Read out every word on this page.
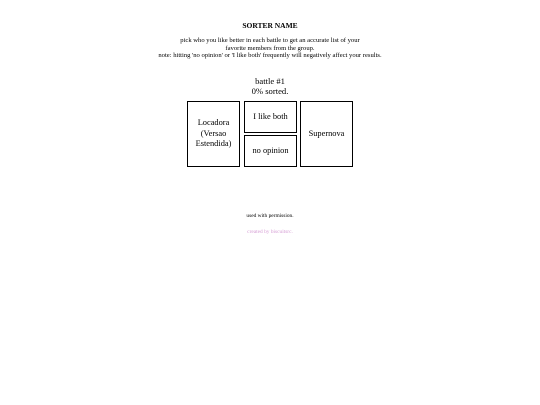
SORTER NAME
pick who you like better in each battle to get an accurate list of your
favorite members from the group.
note: hitting 'no opinion' or 'I like both' frequently will negatively affect your results.
battle #1
0% sorted.
Locadora (Versao Estendida)
I like both
no opinion
Supernova
used with permission.
created by biscuitsrc.
